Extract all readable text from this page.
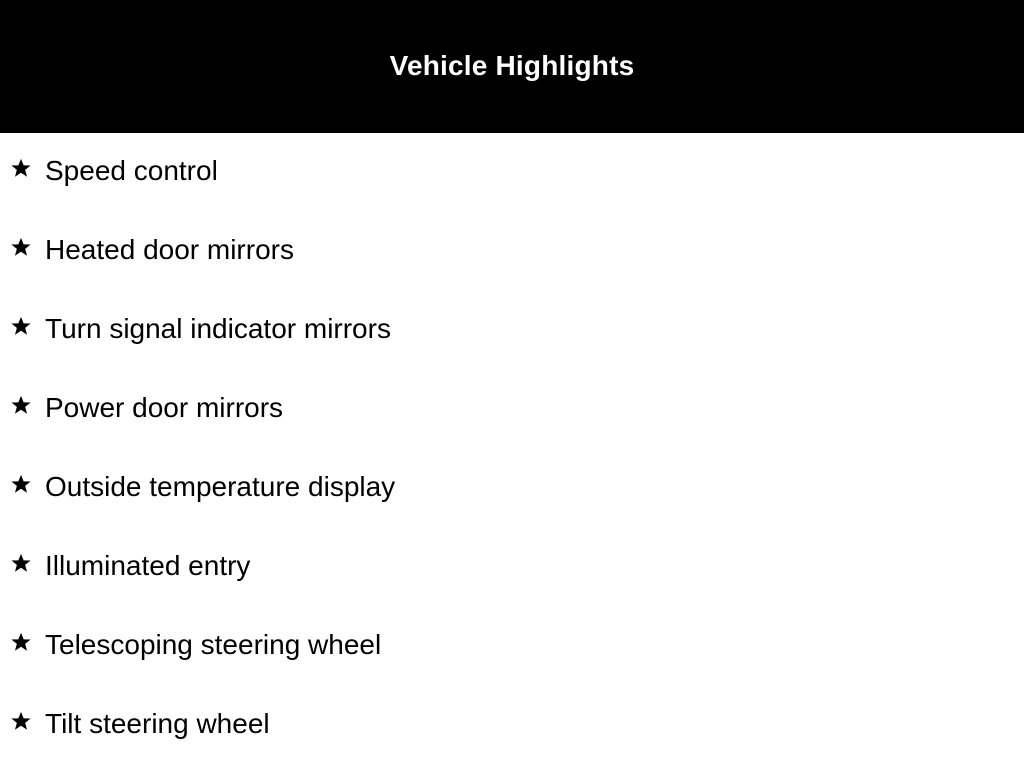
Vehicle Highlights
Speed control
Heated door mirrors
Turn signal indicator mirrors
Power door mirrors
Outside temperature display
Illuminated entry
Telescoping steering wheel
Tilt steering wheel
